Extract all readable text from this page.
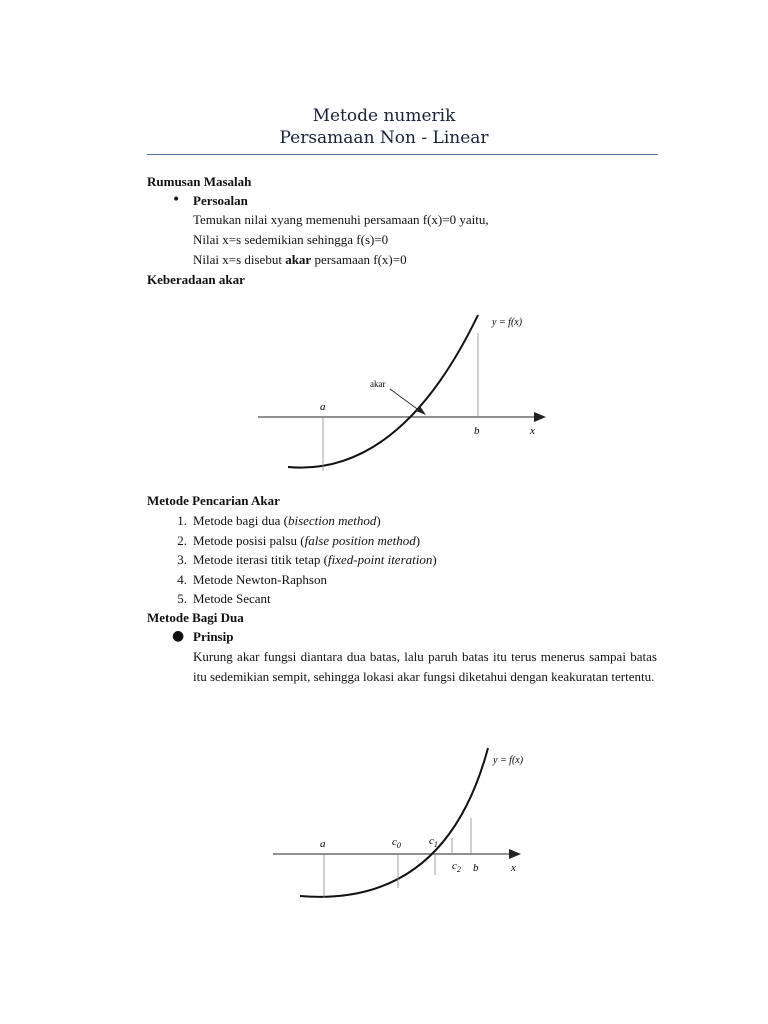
Metode numerik
Persamaan Non - Linear
Rumusan Masalah
• Persoalan
Temukan nilai xyang memenuhi persamaan f(x)=0 yaitu,
Nilai x=s sedemikian sehingga f(s)=0
Nilai x=s disebut akar persamaan f(x)=0
Keberadaan akar
akar
a
b	x
y = f(x)
Metode Pencarian Akar
1. Metode bagi dua (bisection method)
2. Metode posisi palsu (false position method)
3. Metode iterasi titik tetap (fixed-point iteration)
4. Metode Newton-Raphson
5. Metode Secant
Metode Bagi Dua
● Prinsip
Kurung akar fungsi diantara dua batas, lalu paruh batas itu terus menerus sampai batas itu sedemikian sempit, sehingga lokasi akar fungsi diketahui dengan keakuratan tertentu.
a	$c_0$	$c_1$
$c_2$ b	x
y = f(x)
